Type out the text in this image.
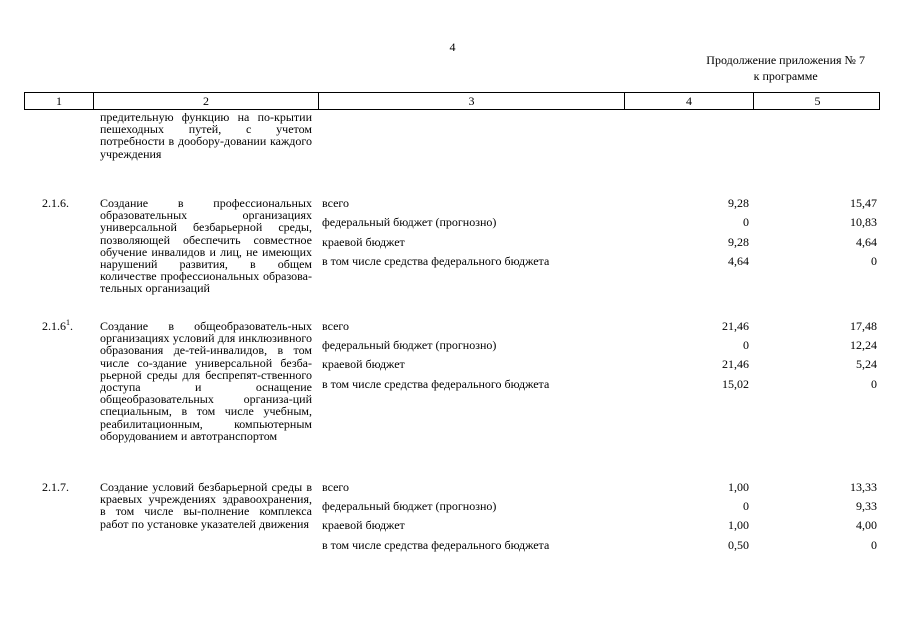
4
Продолжение приложения № 7
к программе
1	2	3	4	5
предительную функцию на по-крытии пешеходных путей, с учетом потребности в дообору-довании каждого учреждения
2.1.6.	Создание в профессиональных образовательных организациях универсальной безбарьерной среды, позволяющей обеспечить совместное обучение инвалидов и лиц, не имеющих нарушений развития, в общем количестве профессиональных образова-тельных организаций
всего	9,28	15,47
федеральный бюджет (прогнозно)	0	10,83
краевой бюджет	9,28	4,64
в том числе средства федерального бюджета	4,64	0
2.1.6$^1$. Создание в общеобразователь-ных организациях условий для инклюзивного образования де-тей-инвалидов, в том числе со-здание универсальной безба-рьерной среды для беспрепят-ственного доступа и оснащение общеобразовательных организа-ций специальным, в том числе учебным, реабилитационным, компьютерным оборудованием и автотранспортом
всего	21,46	17,48
федеральный бюджет (прогнозно)	0	12,24
краевой бюджет	21,46	5,24
в том числе средства федерального бюджета	15,02	0
2.1.7.	Создание условий безбарьерной среды в краевых учреждениях здравоохранения, в том числе вы-полнение комплекса работ по установке указателей движения
всего	1,00	13,33
федеральный бюджет (прогнозно)	0	9,33
краевой бюджет	1,00	4,00
в том числе средства федерального бюджета	0,50	0
